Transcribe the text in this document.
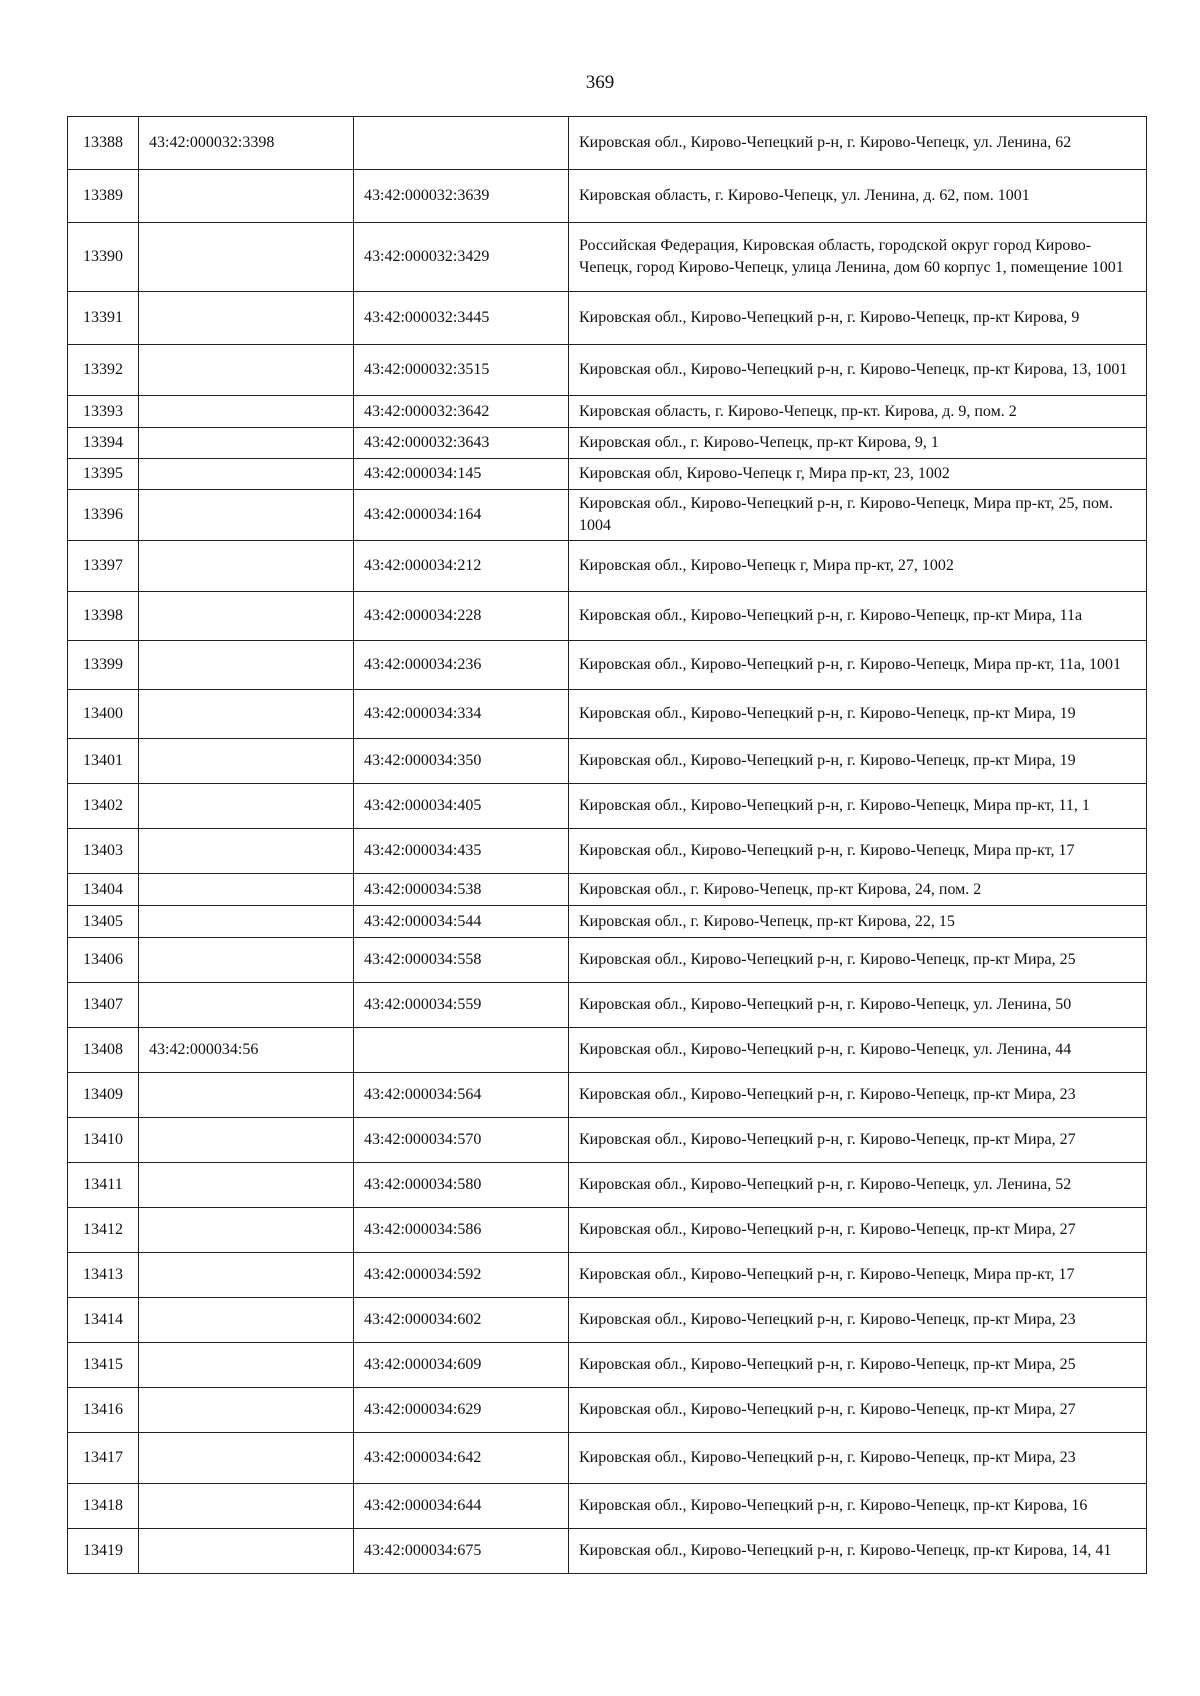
369
13388	43:42:000032:3398		Кировская обл., Кирово-Чепецкий р-н, г. Кирово-Чепецк, ул. Ленина, 62
13389		43:42:000032:3639	Кировская область, г. Кирово-Чепецк, ул. Ленина, д. 62, пом. 1001
13390		43:42:000032:3429	Российская Федерация, Кировская область, городской округ город Кирово-Чепецк, город Кирово-Чепецк, улица Ленина, дом 60 корпус 1, помещение 1001
13391		43:42:000032:3445	Кировская обл., Кирово-Чепецкий р-н, г. Кирово-Чепецк, пр-кт Кирова, 9
13392		43:42:000032:3515	Кировская обл., Кирово-Чепецкий р-н, г. Кирово-Чепецк, пр-кт Кирова, 13, 1001
13393		43:42:000032:3642	Кировская область, г. Кирово-Чепецк, пр-кт. Кирова, д. 9, пом. 2
13394		43:42:000032:3643	Кировская обл., г. Кирово-Чепецк, пр-кт Кирова, 9, 1
13395		43:42:000034:145	Кировская обл, Кирово-Чепецк г, Мира пр-кт, 23, 1002
13396		43:42:000034:164	Кировская обл., Кирово-Чепецкий р-н, г. Кирово-Чепецк, Мира пр-кт, 25, пом. 1004
13397		43:42:000034:212	Кировская обл., Кирово-Чепецк г, Мира пр-кт, 27, 1002
13398		43:42:000034:228	Кировская обл., Кирово-Чепецкий р-н, г. Кирово-Чепецк, пр-кт Мира, 11а
13399		43:42:000034:236	Кировская обл., Кирово-Чепецкий р-н, г. Кирово-Чепецк, Мира пр-кт, 11а, 1001
13400		43:42:000034:334	Кировская обл., Кирово-Чепецкий р-н, г. Кирово-Чепецк, пр-кт Мира, 19
13401		43:42:000034:350	Кировская обл., Кирово-Чепецкий р-н, г. Кирово-Чепецк, пр-кт Мира, 19
13402		43:42:000034:405	Кировская обл., Кирово-Чепецкий р-н, г. Кирово-Чепецк, Мира пр-кт, 11, 1
13403		43:42:000034:435	Кировская обл., Кирово-Чепецкий р-н, г. Кирово-Чепецк, Мира пр-кт, 17
13404		43:42:000034:538	Кировская обл., г. Кирово-Чепецк, пр-кт Кирова, 24, пом. 2
13405		43:42:000034:544	Кировская обл., г. Кирово-Чепецк, пр-кт Кирова, 22, 15
13406		43:42:000034:558	Кировская обл., Кирово-Чепецкий р-н, г. Кирово-Чепецк, пр-кт Мира, 25
13407		43:42:000034:559	Кировская обл., Кирово-Чепецкий р-н, г. Кирово-Чепецк, ул. Ленина, 50
13408	43:42:000034:56		Кировская обл., Кирово-Чепецкий р-н, г. Кирово-Чепецк, ул. Ленина, 44
13409		43:42:000034:564	Кировская обл., Кирово-Чепецкий р-н, г. Кирово-Чепецк, пр-кт Мира, 23
13410		43:42:000034:570	Кировская обл., Кирово-Чепецкий р-н, г. Кирово-Чепецк, пр-кт Мира, 27
13411		43:42:000034:580	Кировская обл., Кирово-Чепецкий р-н, г. Кирово-Чепецк, ул. Ленина, 52
13412		43:42:000034:586	Кировская обл., Кирово-Чепецкий р-н, г. Кирово-Чепецк, пр-кт Мира, 27
13413		43:42:000034:592	Кировская обл., Кирово-Чепецкий р-н, г. Кирово-Чепецк, Мира пр-кт, 17
13414		43:42:000034:602	Кировская обл., Кирово-Чепецкий р-н, г. Кирово-Чепецк, пр-кт Мира, 23
13415		43:42:000034:609	Кировская обл., Кирово-Чепецкий р-н, г. Кирово-Чепецк, пр-кт Мира, 25
13416		43:42:000034:629	Кировская обл., Кирово-Чепецкий р-н, г. Кирово-Чепецк, пр-кт Мира, 27
13417		43:42:000034:642	Кировская обл., Кирово-Чепецкий р-н, г. Кирово-Чепецк, пр-кт Мира, 23
13418		43:42:000034:644	Кировская обл., Кирово-Чепецкий р-н, г. Кирово-Чепецк, пр-кт Кирова, 16
13419		43:42:000034:675	Кировская обл., Кирово-Чепецкий р-н, г. Кирово-Чепецк, пр-кт Кирова, 14, 41
